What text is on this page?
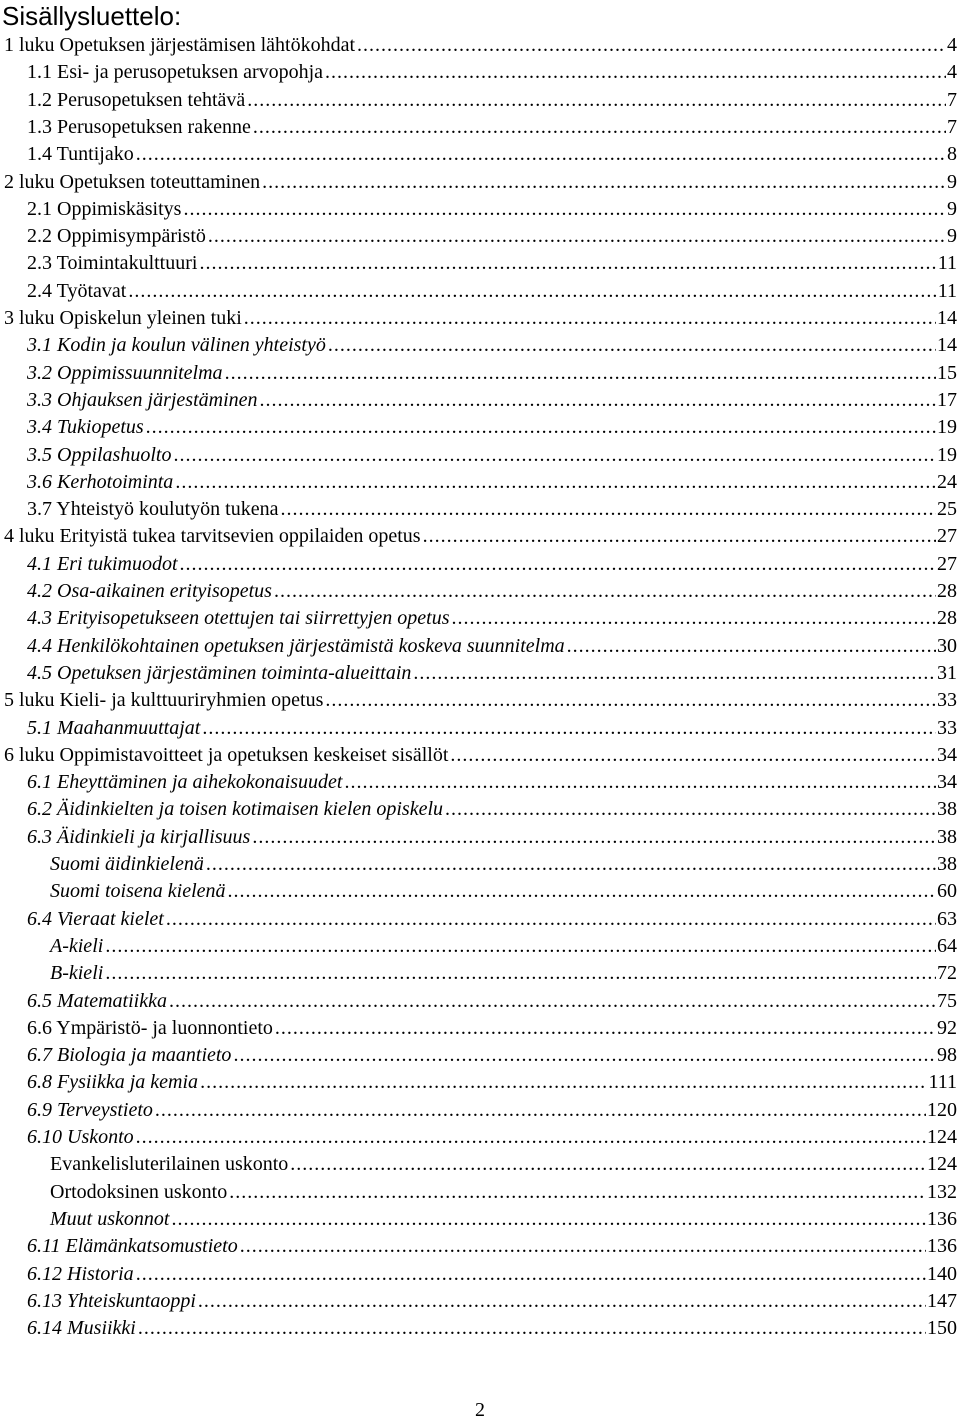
Sisällysluettelo:
1 luku Opetuksen järjestämisen lähtökohdat .....	4
1.1 Esi- ja perusopetuksen arvopohja .....	4
1.2 Perusopetuksen tehtävä .....	7
1.3 Perusopetuksen rakenne .....	7
1.4 Tuntijako .....	8
2 luku Opetuksen toteuttaminen .....	9
2.1 Oppimiskäsitys .....	9
2.2 Oppimisympäristö .....	9
2.3 Toimintakulttuuri .....	11
2.4 Työtavat .....	11
3 luku Opiskelun yleinen tuki .....	14
3.1 Kodin ja koulun välinen yhteistyö .....	14
3.2 Oppimissuunnitelma .....	15
3.3 Ohjauksen järjestäminen .....	17
3.4 Tukiopetus .....	19
3.5 Oppilashuolto .....	19
3.6 Kerhotoiminta .....	24
3.7 Yhteistyö koulutyön tukena .....	25
4 luku Erityistä tukea tarvitsevien oppilaiden opetus .....	27
4.1 Eri tukimuodot .....	27
4.2 Osa-aikainen erityisopetus .....	28
4.3 Erityisopetukseen otettujen tai siirrettyjen opetus .....	28
4.4 Henkilökohtainen opetuksen järjestämistä koskeva suunnitelma .....	30
4.5 Opetuksen järjestäminen toiminta-alueittain .....	31
5 luku Kieli- ja kulttuuriryhmien opetus .....	33
5.1 Maahanmuuttajat .....	33
6 luku Oppimistavoitteet ja opetuksen keskeiset sisällöt .....	34
6.1 Eheyttäminen ja aihekokonaisuudet .....	34
6.2 Äidinkielten ja toisen kotimaisen kielen opiskelu .....	38
6.3 Äidinkieli ja kirjallisuus .....	38
Suomi äidinkielenä .....	38
Suomi toisena kielenä .....	60
6.4 Vieraat kielet .....	63
A-kieli .....	64
B-kieli .....	72
6.5 Matematiikka .....	75
6.6 Ympäristö- ja luonnontieto .....	92
6.7 Biologia ja maantieto .....	98
6.8 Fysiikka ja kemia .....	111
6.9 Terveystieto .....	120
6.10 Uskonto .....	124
Evankelisluterilainen uskonto .....	124
Ortodoksinen uskonto .....	132
Muut uskonnot .....	136
6.11 Elämänkatsomustieto .....	136
6.12 Historia .....	140
6.13 Yhteiskuntaoppi .....	147
6.14 Musiikki .....	150
2
